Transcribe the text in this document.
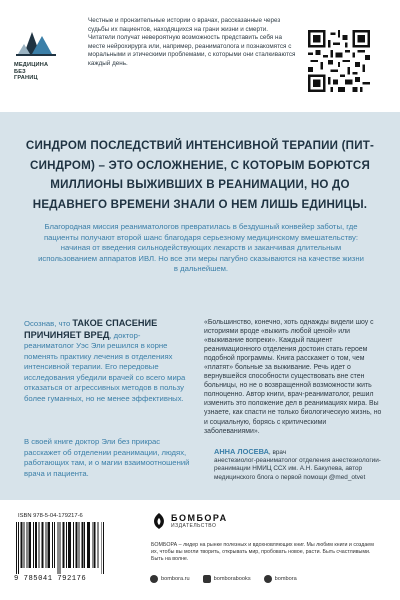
МЕДИЦИНА
БЕЗ
ГРАНИЦ
Честные и пронзительные истории о врачах, рассказанные через судьбы их пациентов, находящихся на грани жизни и смерти. Читатели получат невероятную возможность представить себя на месте нейрохирурга или, например, реаниматолога и познакомятся с моральными и этическими проблемами, с которыми они сталкиваются каждый день.
СИНДРОМ ПОСЛЕДСТВИЙ ИНТЕНСИВНОЙ ТЕРАПИИ (ПИТ-СИНДРОМ) – ЭТО ОСЛОЖНЕНИЕ, С КОТОРЫМ БОРЮТСЯ МИЛЛИОНЫ ВЫЖИВШИХ В РЕАНИМАЦИИ, НО ДО НЕДАВНЕГО ВРЕМЕНИ ЗНАЛИ О НЕМ ЛИШЬ ЕДИНИЦЫ.
Благородная миссия реаниматологов превратилась в бездушный конвейер заботы, где пациенты получают второй шанс благодаря серьезному медицинскому вмешательству: начиная от введения сильнодействующих лекарств и заканчивая длительным использованием аппаратов ИВЛ. Но все эти меры пагубно сказываются на качестве жизни в дальнейшем.
Осознав, что ТАКОЕ СПАСЕНИЕ ПРИЧИНЯЕТ ВРЕД, доктор-реаниматолог Уэс Эли решился в корне поменять практику лечения в отделениях интенсивной терапии. Его передовые исследования убедили врачей со всего мира отказаться от агрессивных методов в пользу более гуманных, но не менее эффективных.
В своей книге доктор Эли без прикрас расскажет об отделении реанимации, людях, работающих там, и о магии взаимоотношений врача и пациента.
«Большинство, конечно, хоть однажды видели шоу с историями вроде «выжить любой ценой» или «выживание вопреки». Каждый пациент реанимационного отделения достоин стать героем подобной программы. Книга расскажет о том, чем «платят» больные за выживание. Речь идет о вернувшейся способности существовать вне стен больницы, но не о возвращенной возможности жить полноценно. Автор книги, врач-реаниматолог, решил изменить это положение дел в реанимациях мира. Вы узнаете, как спасти не только биологическую жизнь, но и социальную, борясь с критическими заболеваниями».
АННА ЛОСЕВА, врач
анестезиолог-реаниматолог отделения анестезиологии-реанимации НМИЦ ССХ им. А.Н. Бакулева, автор медицинского блога о первой помощи @med_otvet
ISBN 978-5-04-179217-6
9 785041 792176
БОМБОРА
ИЗДАТЕЛЬСТВО
БОМБОРА – лидер на рынке полезных и вдохновляющих книг. Мы любим книги и создаем их, чтобы вы могли творить, открывать мир, пробовать новое, расти. Быть счастливыми. Быть на волне.
bombora.ru	bomborabooks	bombora
